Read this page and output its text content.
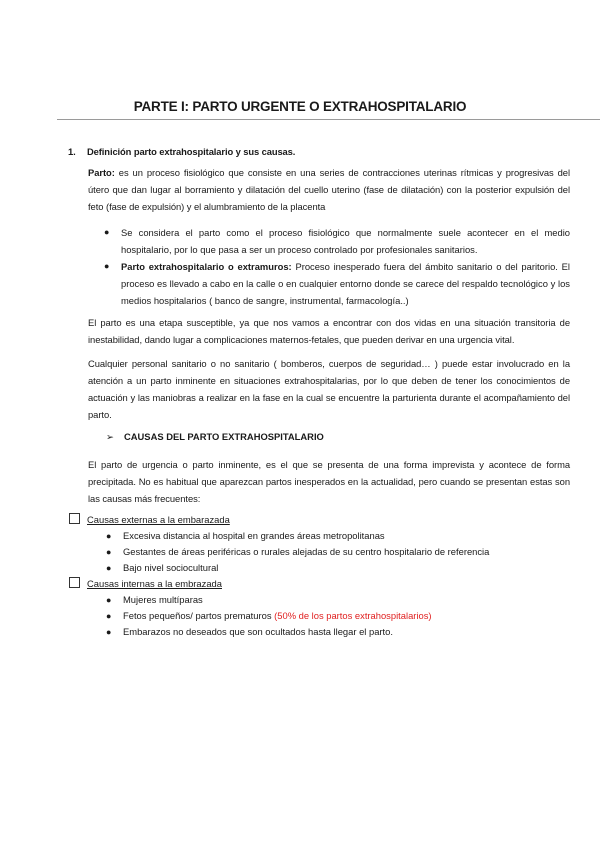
PARTE I: PARTO URGENTE O EXTRAHOSPITALARIO
1. Definición parto extrahospitalario y sus causas.
Parto: es un proceso fisiológico que consiste en una series de contracciones uterinas rítmicas y progresivas del útero que dan lugar al borramiento y dilatación del cuello uterino (fase de dilatación) con la posterior expulsión del feto (fase de expulsión) y el alumbramiento de la placenta
● Se considera el parto como el proceso fisiológico que normalmente suele acontecer en el medio hospitalario, por lo que pasa a ser un proceso controlado por profesionales sanitarios.
● Parto extrahospitalario o extramuros: Proceso inesperado fuera del ámbito sanitario o del paritorio. El proceso es llevado a cabo en la calle o en cualquier entorno donde se carece del respaldo tecnológico y los medios hospitalarios ( banco de sangre, instrumental, farmacología..)
El parto es una etapa susceptible, ya que nos vamos a encontrar con dos vidas en una situación transitoria de inestabilidad, dando lugar a complicaciones maternos-fetales, que pueden derivar en una urgencia vital.
Cualquier personal sanitario o no sanitario ( bomberos, cuerpos de seguridad… ) puede estar involucrado en la atención a un parto inminente en situaciones extrahospitalarias, por lo que deben de tener los conocimientos de actuación y las maniobras a realizar en la fase en la cual se encuentre la parturienta durante el acompañamiento del parto.
➢ CAUSAS DEL PARTO EXTRAHOSPITALARIO
El parto de urgencia o parto inminente, es el que se presenta de una forma imprevista y acontece de forma precipitada. No es habitual que aparezcan partos inesperados en la actualidad, pero cuando se presentan estas son las causas más frecuentes:
Causas externas a la embarazada
● Excesiva distancia al hospital en grandes áreas metropolitanas
● Gestantes de áreas periféricas o rurales alejadas de su centro hospitalario de referencia
● Bajo nivel sociocultural
Causas internas a la embrazada
● Mujeres multíparas
● Fetos pequeños/ partos prematuros (50% de los partos extrahospitalarios)
● Embarazos no deseados que son ocultados hasta llegar el parto.
